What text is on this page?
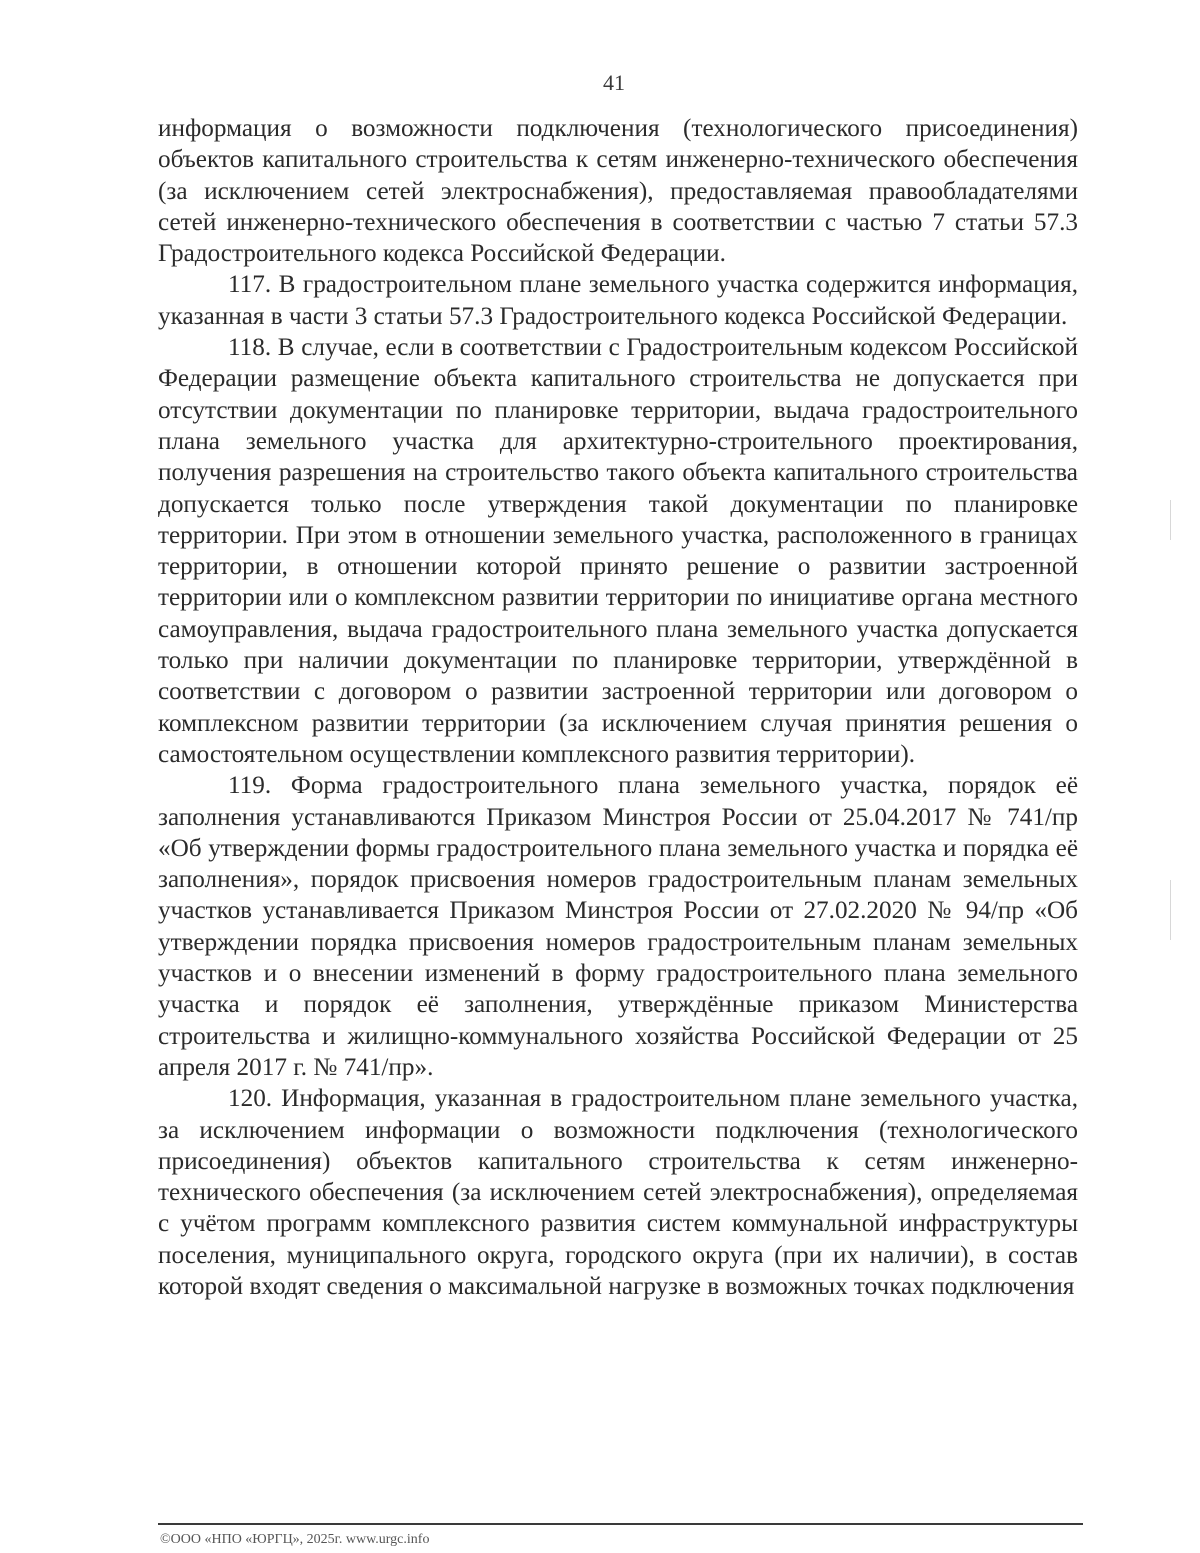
41

информация о возможности подключения (технологического присоединения) объектов капитального строительства к сетям инженерно-технического обеспечения (за исключением сетей электроснабжения), предоставляемая правообладателями сетей инженерно-технического обеспечения в соответствии с частью 7 статьи 57.3 Градостроительного кодекса Российской Федерации.

117. В градостроительном плане земельного участка содержится информация, указанная в части 3 статьи 57.3 Градостроительного кодекса Российской Федерации.

118. В случае, если в соответствии с Градостроительным кодексом Российской Федерации размещение объекта капитального строительства не допускается при отсутствии документации по планировке территории, выдача градостроительного плана земельного участка для архитектурно-строительного проектирования, получения разрешения на строительство такого объекта капитального строительства допускается только после утверждения такой документации по планировке территории. При этом в отношении земельного участка, расположенного в границах территории, в отношении которой принято решение о развитии застроенной территории или о комплексном развитии территории по инициативе органа местного самоуправления, выдача градостроительного плана земельного участка допускается только при наличии документации по планировке территории, утверждённой в соответствии с договором о развитии застроенной территории или договором о комплексном развитии территории (за исключением случая принятия решения о самостоятельном осуществлении комплексного развития территории).

119. Форма градостроительного плана земельного участка, порядок её заполнения устанавливаются Приказом Минстроя России от 25.04.2017 № 741/пр «Об утверждении формы градостроительного плана земельного участка и порядка её заполнения», порядок присвоения номеров градостроительным планам земельных участков устанавливается Приказом Минстроя России от 27.02.2020 № 94/пр «Об утверждении порядка присвоения номеров градостроительным планам земельных участков и о внесении изменений в форму градостроительного плана земельного участка и порядок её заполнения, утверждённые приказом Министерства строительства и жилищно-коммунального хозяйства Российской Федерации от 25 апреля 2017 г. № 741/пр».

120. Информация, указанная в градостроительном плане земельного участка, за исключением информации о возможности подключения (технологического присоединения) объектов капитального строительства к сетям инженерно-технического обеспечения (за исключением сетей электроснабжения), определяемая с учётом программ комплексного развития систем коммунальной инфраструктуры поселения, муниципального округа, городского округа (при их наличии), в состав которой входят сведения о максимальной нагрузке в возможных точках подключения

©ООО «НПО «ЮРГЦ», 2025г. www.urgc.info
